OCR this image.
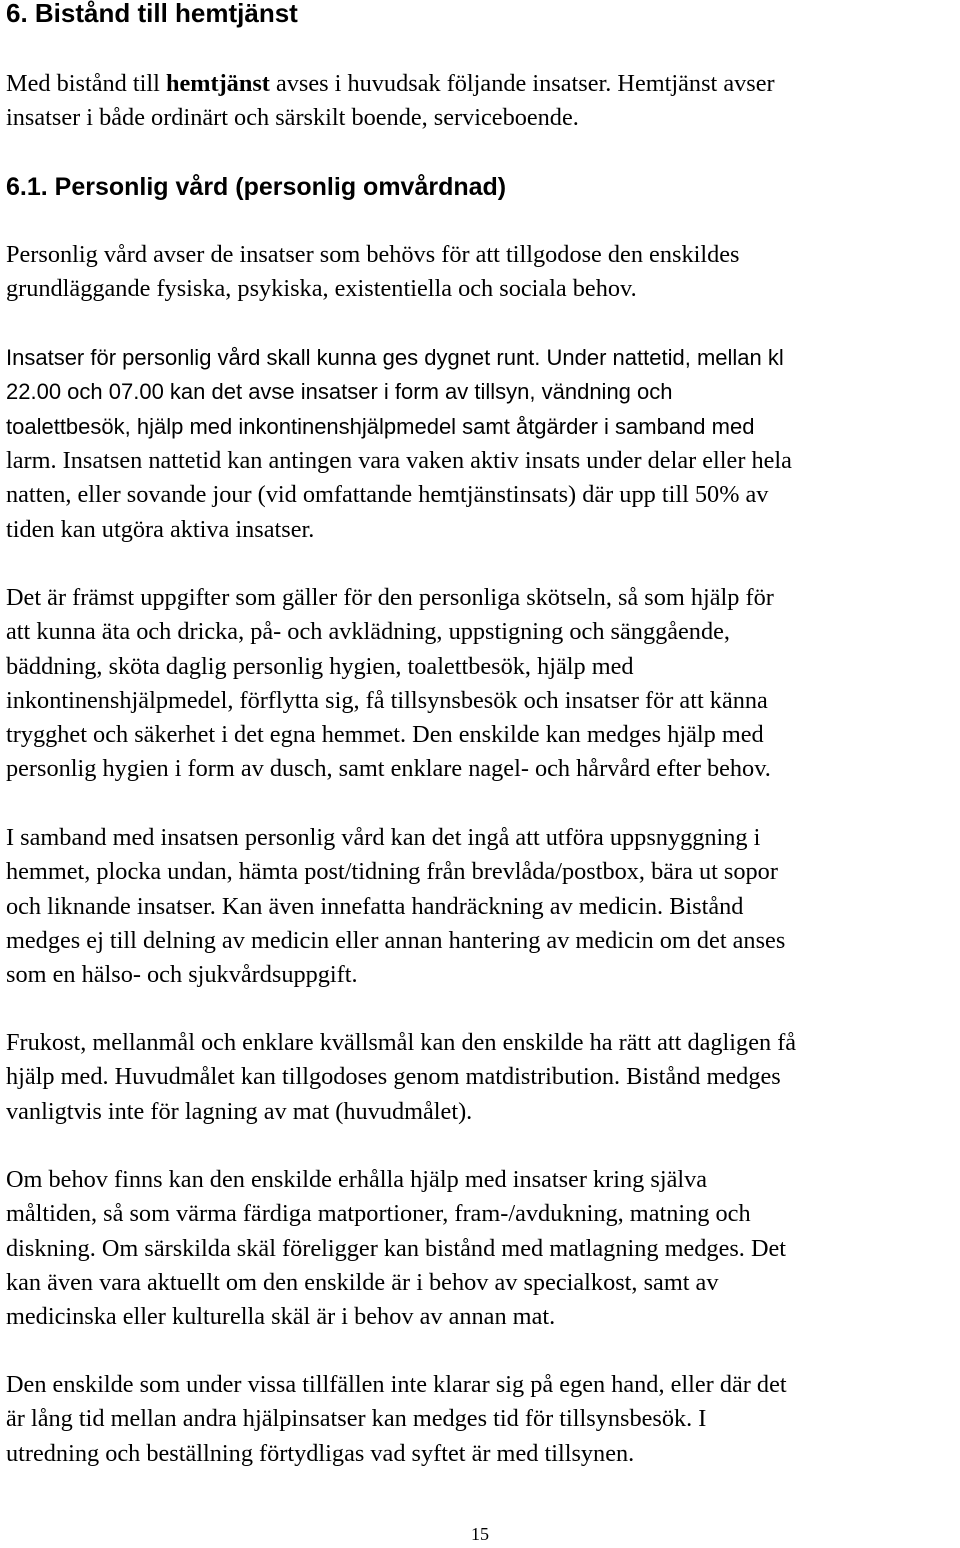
6. Bistånd till hemtjänst

Med bistånd till hemtjänst avses i huvudsak följande insatser. Hemtjänst avser
insatser i både ordinärt och särskilt boende, serviceboende.

6.1. Personlig vård (personlig omvårdnad)

Personlig vård avser de insatser som behövs för att tillgodose den enskildes
grundläggande fysiska, psykiska, existentiella och sociala behov.

Insatser för personlig vård skall kunna ges dygnet runt. Under nattetid, mellan kl
22.00 och 07.00 kan det avse insatser i form av tillsyn, vändning och
toalettbesök, hjälp med inkontinenshjälpmedel samt åtgärder i samband med

larm. Insatsen nattetid kan antingen vara vaken aktiv insats under delar eller hela
natten, eller sovande jour (vid omfattande hemtjänstinsats) där upp till 50% av
tiden kan utgöra aktiva insatser.

Det är främst uppgifter som gäller för den personliga skötseln, så som hjälp för
att kunna äta och dricka, på- och avklädning, uppstigning och sänggående,
bäddning, sköta daglig personlig hygien, toalettbesök, hjälp med
inkontinenshjälpmedel, förflytta sig, få tillsynsbesök och insatser för att känna
trygghet och säkerhet i det egna hemmet. Den enskilde kan medges hjälp med
personlig hygien i form av dusch, samt enklare nagel- och hårvård efter behov.

I samband med insatsen personlig vård kan det ingå att utföra uppsnyggning i
hemmet, plocka undan, hämta post/tidning från brevlåda/postbox, bära ut sopor
och liknande insatser. Kan även innefatta handräckning av medicin. Bistånd
medges ej till delning av medicin eller annan hantering av medicin om det anses
som en hälso- och sjukvårdsuppgift.

Frukost, mellanmål och enklare kvällsmål kan den enskilde ha rätt att dagligen få
hjälp med. Huvudmålet kan tillgodoses genom matdistribution. Bistånd medges
vanligtvis inte för lagning av mat (huvudmålet).

Om behov finns kan den enskilde erhålla hjälp med insatser kring själva
måltiden, så som värma färdiga matportioner, fram-/avdukning, matning och
diskning. Om särskilda skäl föreligger kan bistånd med matlagning medges. Det
kan även vara aktuellt om den enskilde är i behov av specialkost, samt av
medicinska eller kulturella skäl är i behov av annan mat.

Den enskilde som under vissa tillfällen inte klarar sig på egen hand, eller där det
är lång tid mellan andra hjälpinsatser kan medges tid för tillsynsbesök. I
utredning och beställning förtydligas vad syftet är med tillsynen.

15
